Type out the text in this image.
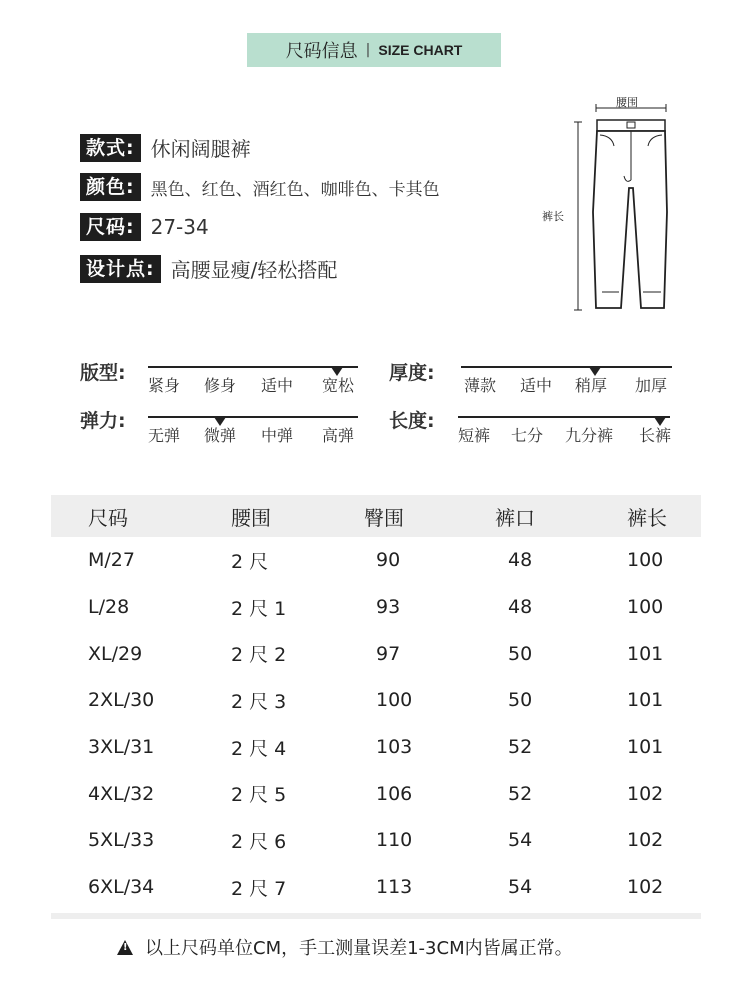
尺码信息 | SIZE CHART
款式: 休闲阔腿裤
颜色: 黑色、红色、酒红色、咖啡色、卡其色
尺码: 27-34
设计点: 高腰显瘦/轻松搭配
腰围
裤长
版型:
紧身 修身 适中 宽松
厚度:
薄款 适中 稍厚 加厚
弹力:
无弹 微弹 中弹 高弹
长度:
短裤 七分 九分裤 长裤
尺码	腰围	臀围	裤口	裤长
M/27	2 尺	90	48	100
L/28	2 尺 1	93	48	100
XL/29	2 尺 2	97	50	101
2XL/30	2 尺 3	100	50	101
3XL/31	2 尺 4	103	52	101
4XL/32	2 尺 5	106	52	102
5XL/33	2 尺 6	110	54	102
6XL/34	2 尺 7	113	54	102
! 以上尺码单位CM，手工测量误差1-3CM内皆属正常。
